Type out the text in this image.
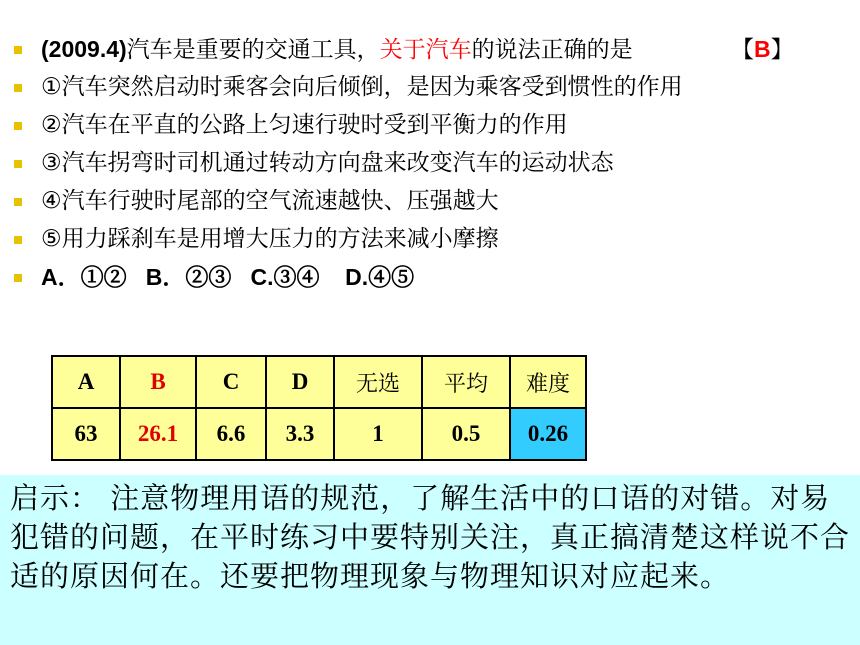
(2009.4)汽车是重要的交通工具，关于汽车的说法正确的是	【B】
①汽车突然启动时乘客会向后倾倒，是因为乘客受到惯性的作用
②汽车在平直的公路上匀速行驶时受到平衡力的作用
③汽车拐弯时司机通过转动方向盘来改变汽车的运动状态
④汽车行驶时尾部的空气流速越快、压强越大
⑤用力踩刹车是用增大压力的方法来减小摩擦
A．①②   B．②③   C.③④    D.④⑤
A	B	C	D	无选	平均	难度
63	26.1	6.6	3.3	1	0.5	0.26

启示： 注意物理用语的规范，了解生活中的口语的对错。对易犯错的问题，在平时练习中要特别关注，真正搞清楚这样说不合适的原因何在。还要把物理现象与物理知识对应起来。
